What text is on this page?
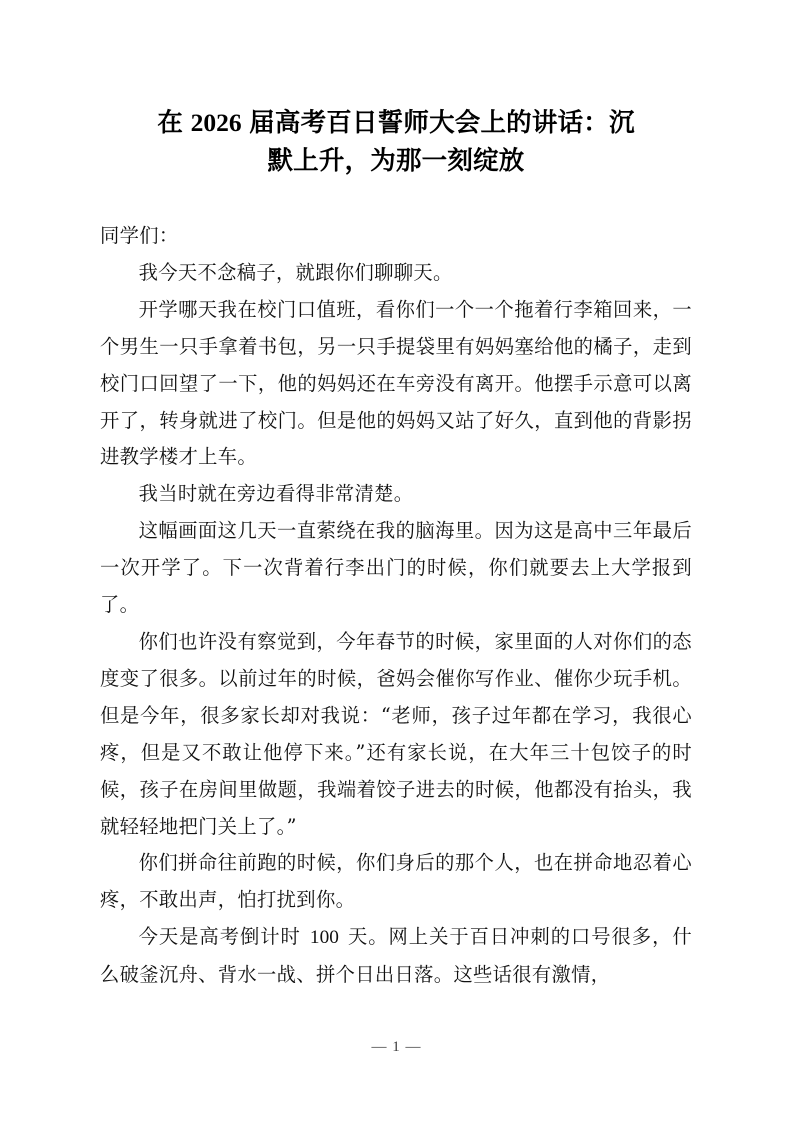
在 2026 届高考百日誓师大会上的讲话：沉
默上升，为那一刻绽放

同学们：

我今天不念稿子，就跟你们聊聊天。

开学哪天我在校门口值班，看你们一个一个拖着行李箱回来，一个男生一只手拿着书包，另一只手提袋里有妈妈塞给他的橘子，走到校门口回望了一下，他的妈妈还在车旁没有离开。他摆手示意可以离开了，转身就进了校门。但是他的妈妈又站了好久，直到他的背影拐进教学楼才上车。

我当时就在旁边看得非常清楚。

这幅画面这几天一直萦绕在我的脑海里。因为这是高中三年最后一次开学了。下一次背着行李出门的时候，你们就要去上大学报到了。

你们也许没有察觉到，今年春节的时候，家里面的人对你们的态度变了很多。以前过年的时候，爸妈会催你写作业、催你少玩手机。但是今年，很多家长却对我说：“老师，孩子过年都在学习，我很心疼，但是又不敢让他停下来。”还有家长说，在大年三十包饺子的时候，孩子在房间里做题，我端着饺子进去的时候，他都没有抬头，我就轻轻地把门关上了。”

你们拼命往前跑的时候，你们身后的那个人，也在拼命地忍着心疼，不敢出声，怕打扰到你。

今天是高考倒计时 100 天。网上关于百日冲刺的口号很多，什么破釜沉舟、背水一战、拼个日出日落。这些话很有激情，

— 1 —
